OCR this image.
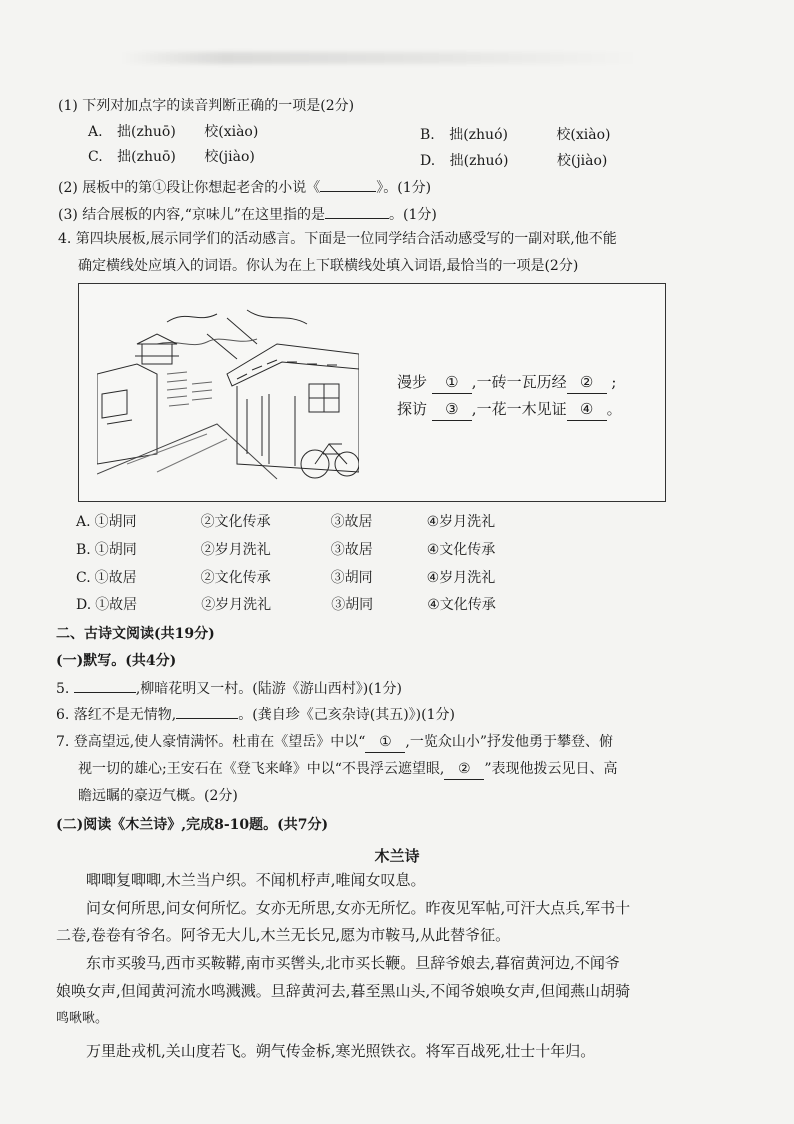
(1) 下列对加点字的读音判断正确的一项是(2分)
A. 拙(zhuō) 校(xiào)	B. 拙(zhuó)	校(xiào)
C. 拙(zhuō) 校(jiào)	D. 拙(zhuó)	校(jiào)
(2) 展板中的第①段让你想起老舍的小说《	》。(1分)
(3) 结合展板的内容,“京味儿”在这里指的是	。(1分)
4. 第四块展板,展示同学们的活动感言。下面是一位同学结合活动感受写的一副对联,他不能
确定横线处应填入的词语。你认为在上下联横线处填入词语,最恰当的一项是(2分)
漫步 ① ,一砖一瓦历经 ② ;
探访 ③ ,一花一木见证 ④ 。
A. ①胡同	②文化传承	③故居	④岁月洗礼
B. ①胡同	②岁月洗礼	③故居	④文化传承
C. ①故居	②文化传承	③胡同	④岁月洗礼
D. ①故居	②岁月洗礼	③胡同	④文化传承
二、古诗文阅读(共19分)
(一)默写。(共4分)
5.	,柳暗花明又一村。(陆游《游山西村》)(1分)
6. 落红不是无情物,	。(龚自珍《己亥杂诗(其五)》)(1分)
7. 登高望远,使人豪情满怀。杜甫在《望岳》中以“ ① ,一览众山小”抒发他勇于攀登、俯
视一切的雄心;王安石在《登飞来峰》中以“不畏浮云遮望眼, ② ”表现他拨云见日、高
瞻远瞩的豪迈气概。(2分)
(二)阅读《木兰诗》,完成8-10题。(共7分)
木兰诗
唧唧复唧唧,木兰当户织。不闻机杼声,唯闻女叹息。
问女何所思,问女何所忆。女亦无所思,女亦无所忆。昨夜见军帖,可汗大点兵,军书十
二卷,卷卷有爷名。阿爷无大儿,木兰无长兄,愿为市鞍马,从此替爷征。
东市买骏马,西市买鞍鞯,南市买辔头,北市买长鞭。旦辞爷娘去,暮宿黄河边,不闻爷
娘唤女声,但闻黄河流水鸣溅溅。旦辞黄河去,暮至黑山头,不闻爷娘唤女声,但闻燕山胡骑
鸣啾啾。
万里赴戎机,关山度若飞。朔气传金柝,寒光照铁衣。将军百战死,壮士十年归。
